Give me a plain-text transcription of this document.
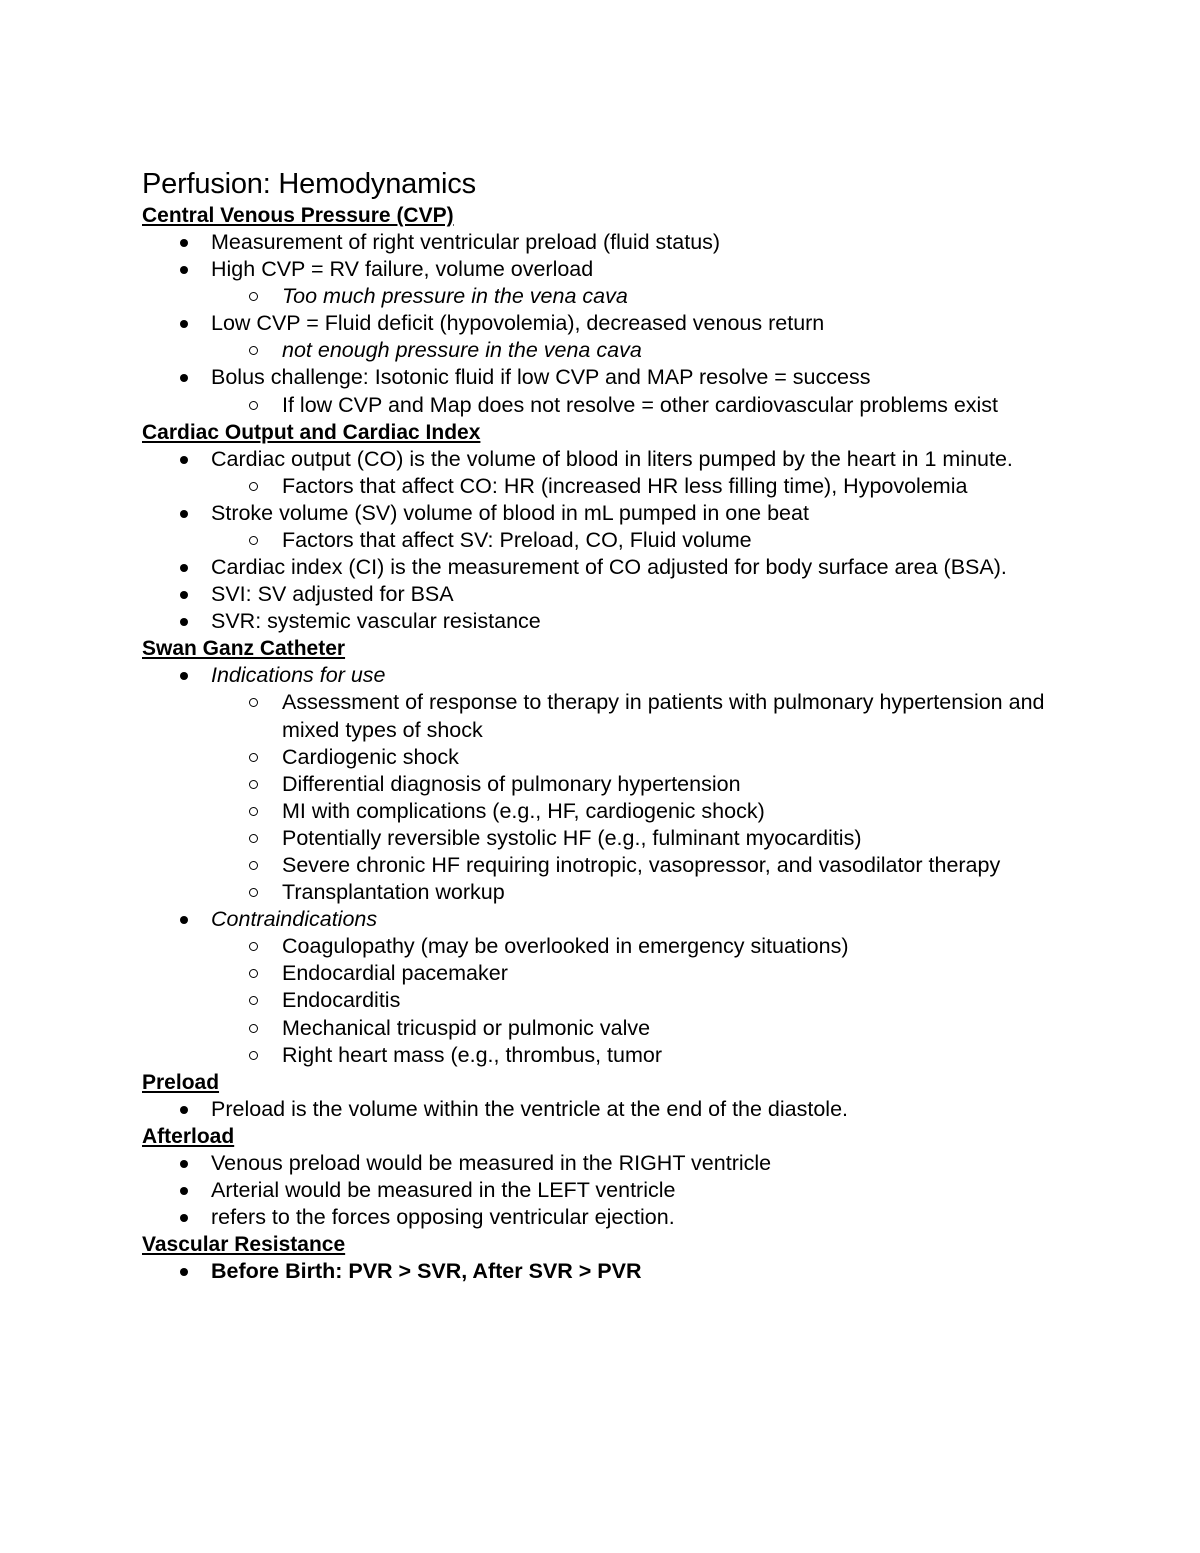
Perfusion: Hemodynamics
Central Venous Pressure (CVP)
Measurement of right ventricular preload (fluid status)
High CVP = RV failure, volume overload
Too much pressure in the vena cava
Low CVP = Fluid deficit (hypovolemia), decreased venous return
not enough pressure in the vena cava
Bolus challenge: Isotonic fluid if low CVP and MAP resolve = success
If low CVP and Map does not resolve = other cardiovascular problems exist
Cardiac Output and Cardiac Index
Cardiac output (CO) is the volume of blood in liters pumped by the heart in 1 minute.
Factors that affect CO: HR (increased HR less filling time), Hypovolemia
Stroke volume (SV) volume of blood in mL pumped in one beat
Factors that affect SV: Preload, CO, Fluid volume
Cardiac index (CI) is the measurement of CO adjusted for body surface area (BSA).
SVI: SV adjusted for BSA
SVR: systemic vascular resistance
Swan Ganz Catheter
Indications for use
Assessment of response to therapy in patients with pulmonary hypertension and mixed types of shock
Cardiogenic shock
Differential diagnosis of pulmonary hypertension
MI with complications (e.g., HF, cardiogenic shock)
Potentially reversible systolic HF (e.g., fulminant myocarditis)
Severe chronic HF requiring inotropic, vasopressor, and vasodilator therapy
Transplantation workup
Contraindications
Coagulopathy (may be overlooked in emergency situations)
Endocardial pacemaker
Endocarditis
Mechanical tricuspid or pulmonic valve
Right heart mass (e.g., thrombus, tumor
Preload
Preload is the volume within the ventricle at the end of the diastole.
Afterload
Venous preload would be measured in the RIGHT ventricle
Arterial would be measured in the LEFT ventricle
refers to the forces opposing ventricular ejection.
Vascular Resistance
Before Birth: PVR > SVR, After SVR > PVR
